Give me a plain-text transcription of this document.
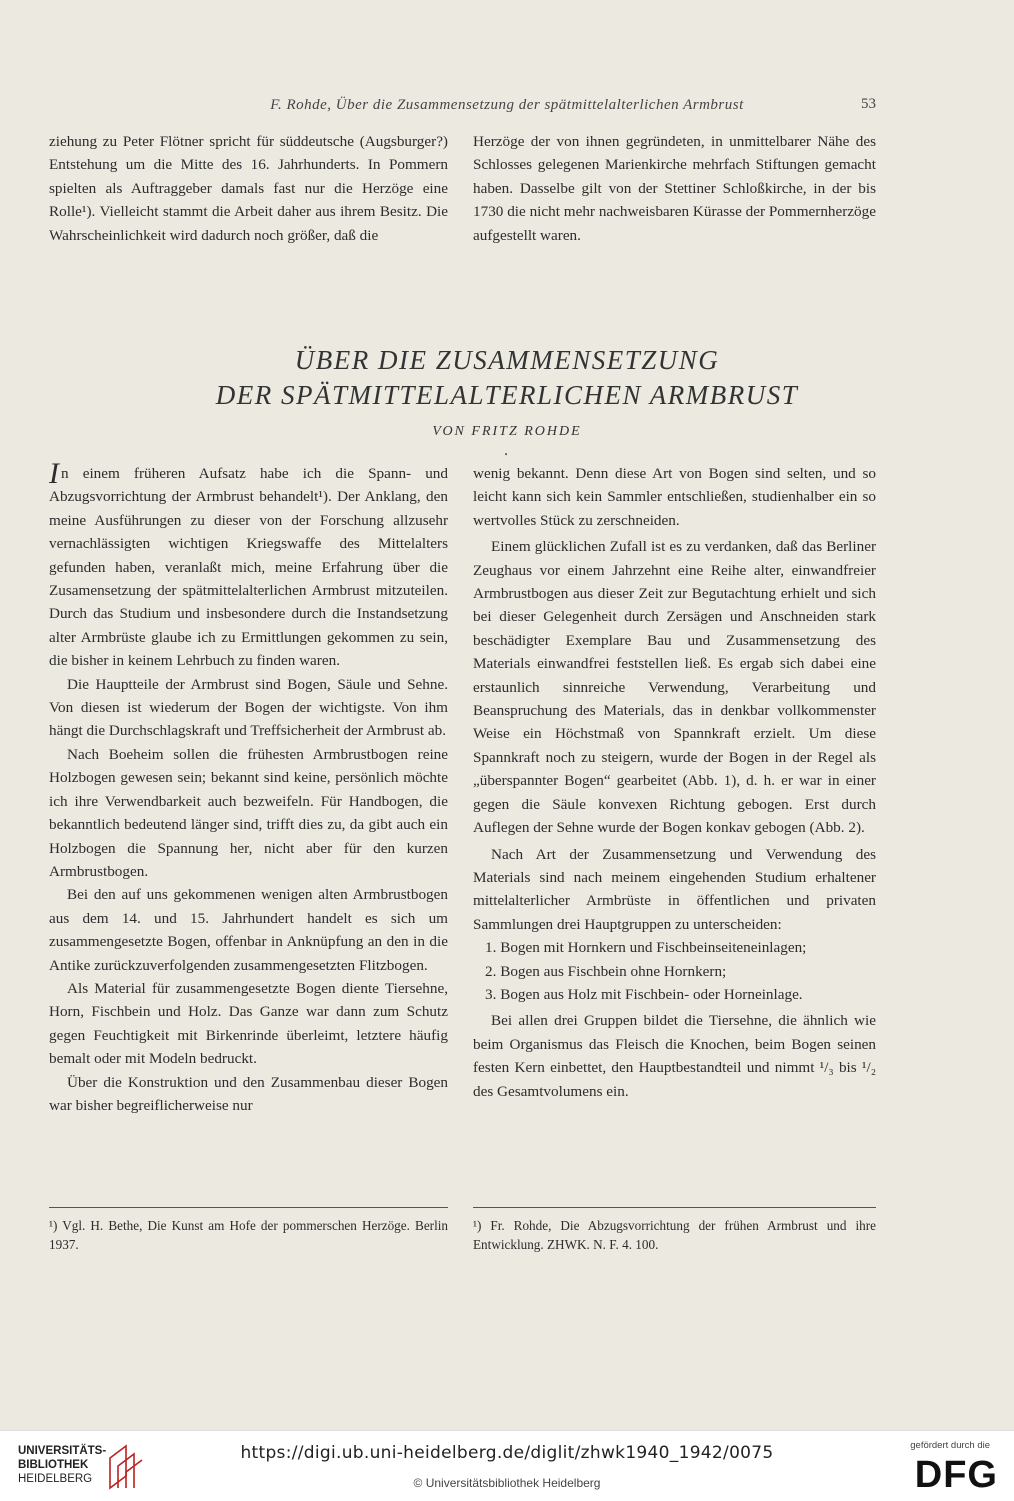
F. Rohde, Über die Zusammensetzung der spätmittelalterlichen Armbrust	53

ziehung zu Peter Flötner spricht für süddeutsche (Augsburger?) Entstehung um die Mitte des 16. Jahrhunderts. In Pommern spielten als Auftraggeber damals fast nur die Herzöge eine Rolle¹). Vielleicht stammt die Arbeit daher aus ihrem Besitz. Die Wahrscheinlichkeit wird dadurch noch größer, daß die

Herzöge der von ihnen gegründeten, in unmittelbarer Nähe des Schlosses gelegenen Marienkirche mehrfach Stiftungen gemacht haben. Dasselbe gilt von der Stettiner Schloßkirche, in der bis 1730 die nicht mehr nachweisbaren Kürasse der Pommernherzöge aufgestellt waren.

ÜBER DIE ZUSAMMENSETZUNG
DER SPÄTMITTELALTERLICHEN ARMBRUST
VON FRITZ ROHDE
•

In einem früheren Aufsatz habe ich die Spann- und Abzugsvorrichtung der Armbrust behandelt¹). Der Anklang, den meine Ausführungen zu dieser von der Forschung allzusehr vernachlässigten wichtigen Kriegswaffe des Mittelalters gefunden haben, veranlaßt mich, meine Erfahrung über die Zusamensetzung der spätmittelalterlichen Armbrust mitzuteilen. Durch das Studium und insbesondere durch die Instandsetzung alter Armbrüste glaube ich zu Ermittlungen gekommen zu sein, die bisher in keinem Lehrbuch zu finden waren.

Die Hauptteile der Armbrust sind Bogen, Säule und Sehne. Von diesen ist wiederum der Bogen der wichtigste. Von ihm hängt die Durchschlagskraft und Treffsicherheit der Armbrust ab.

Nach Boeheim sollen die frühesten Armbrustbogen reine Holzbogen gewesen sein; bekannt sind keine, persönlich möchte ich ihre Verwendbarkeit auch bezweifeln. Für Handbogen, die bekanntlich bedeutend länger sind, trifft dies zu, da gibt auch ein Holzbogen die Spannung her, nicht aber für den kurzen Armbrustbogen.

Bei den auf uns gekommenen wenigen alten Armbrustbogen aus dem 14. und 15. Jahrhundert handelt es sich um zusammengesetzte Bogen, offenbar in Anknüpfung an den in die Antike zurückzuverfolgenden zusammengesetzten Flitzbogen.

Als Material für zusammengesetzte Bogen diente Tiersehne, Horn, Fischbein und Holz. Das Ganze war dann zum Schutz gegen Feuchtigkeit mit Birkenrinde überleimt, letztere häufig bemalt oder mit Modeln bedruckt.

Über die Konstruktion und den Zusammenbau dieser Bogen war bisher begreiflicherweise nur

wenig bekannt. Denn diese Art von Bogen sind selten, und so leicht kann sich kein Sammler entschließen, studienhalber ein so wertvolles Stück zu zerschneiden.

Einem glücklichen Zufall ist es zu verdanken, daß das Berliner Zeughaus vor einem Jahrzehnt eine Reihe alter, einwandfreier Armbrustbogen aus dieser Zeit zur Begutachtung erhielt und sich bei dieser Gelegenheit durch Zersägen und Anschneiden stark beschädigter Exemplare Bau und Zusammensetzung des Materials einwandfrei feststellen ließ. Es ergab sich dabei eine erstaunlich sinnreiche Verwendung, Verarbeitung und Beanspruchung des Materials, das in denkbar vollkommenster Weise ein Höchstmaß von Spannkraft erzielt. Um diese Spannkraft noch zu steigern, wurde der Bogen in der Regel als „überspannter Bogen“ gearbeitet (Abb. 1), d. h. er war in einer gegen die Säule konvexen Richtung gebogen. Erst durch Auflegen der Sehne wurde der Bogen konkav gebogen (Abb. 2).

Nach Art der Zusammensetzung und Verwendung des Materials sind nach meinem eingehenden Studium erhaltener mittelalterlicher Armbrüste in öffentlichen und privaten Sammlungen drei Hauptgruppen zu unterscheiden:

1. Bogen mit Hornkern und Fischbeinseiteneinlagen;

2. Bogen aus Fischbein ohne Hornkern;

3. Bogen aus Holz mit Fischbein- oder Horneinlage.

Bei allen drei Gruppen bildet die Tiersehne, die ähnlich wie beim Organismus das Fleisch die Knochen, beim Bogen seinen festen Kern einbettet, den Hauptbestandteil und nimmt ¹/₃ bis ¹/₂ des Gesamtvolumens ein.

¹) Vgl. H. Bethe, Die Kunst am Hofe der pommerschen Herzöge. Berlin 1937.
¹) Fr. Rohde, Die Abzugsvorrichtung der frühen Armbrust und ihre Entwicklung. ZHWK. N. F. 4. 100.
UNIVERSITÄTS-
BIBLIOTHEK
HEIDELBERG
https://digi.ub.uni-heidelberg.de/diglit/zhwk1940_1942/0075
© Universitätsbibliothek Heidelberg
gefördert durch die
DFG
